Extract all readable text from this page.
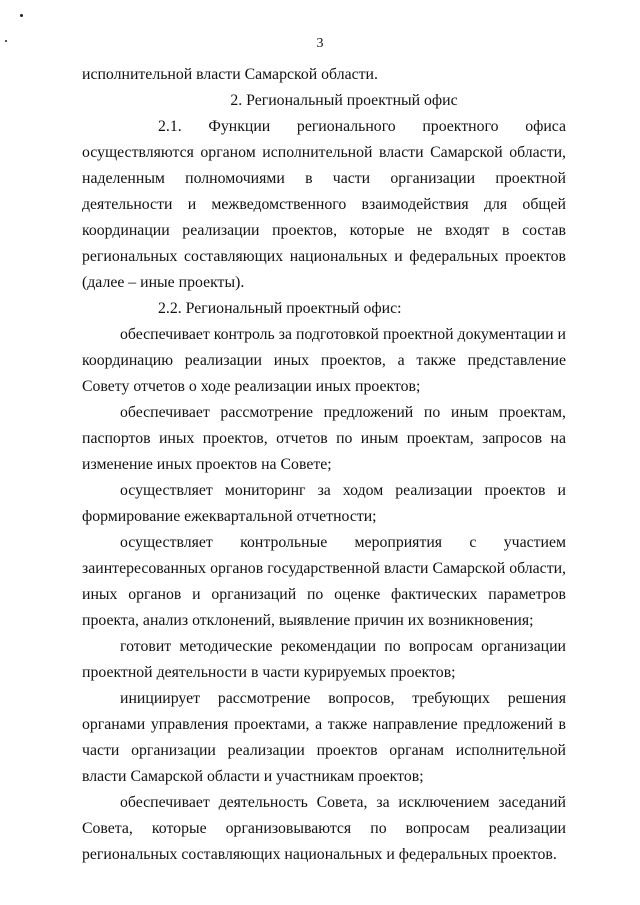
3

исполнительной власти Самарской области.

2. Региональный проектный офис

2.1. Функции регионального проектного офиса осуществляются органом исполнительной власти Самарской области, наделенным полномочиями в части организации проектной деятельности и межведомственного взаимодействия для общей координации реализации проектов, которые не входят в состав региональных составляющих национальных и федеральных проектов (далее – иные проекты).

2.2. Региональный проектный офис:

обеспечивает контроль за подготовкой проектной документации и координацию реализации иных проектов, а также представление Совету отчетов о ходе реализации иных проектов;

обеспечивает рассмотрение предложений по иным проектам, паспортов иных проектов, отчетов по иным проектам, запросов на изменение иных проектов на Совете;

осуществляет мониторинг за ходом реализации проектов и формирование ежеквартальной отчетности;

осуществляет контрольные мероприятия с участием заинтересованных органов государственной власти Самарской области, иных органов и организаций по оценке фактических параметров проекта, анализ отклонений, выявление причин их возникновения;

готовит методические рекомендации по вопросам организации проектной деятельности в части курируемых проектов;

инициирует рассмотрение вопросов, требующих решения органами управления проектами, а также направление предложений в части организации реализации проектов органам исполнительной власти Самарской области и участникам проектов;

обеспечивает деятельность Совета, за исключением заседаний Совета, которые организовываются по вопросам реализации региональных составляющих национальных и федеральных проектов.
